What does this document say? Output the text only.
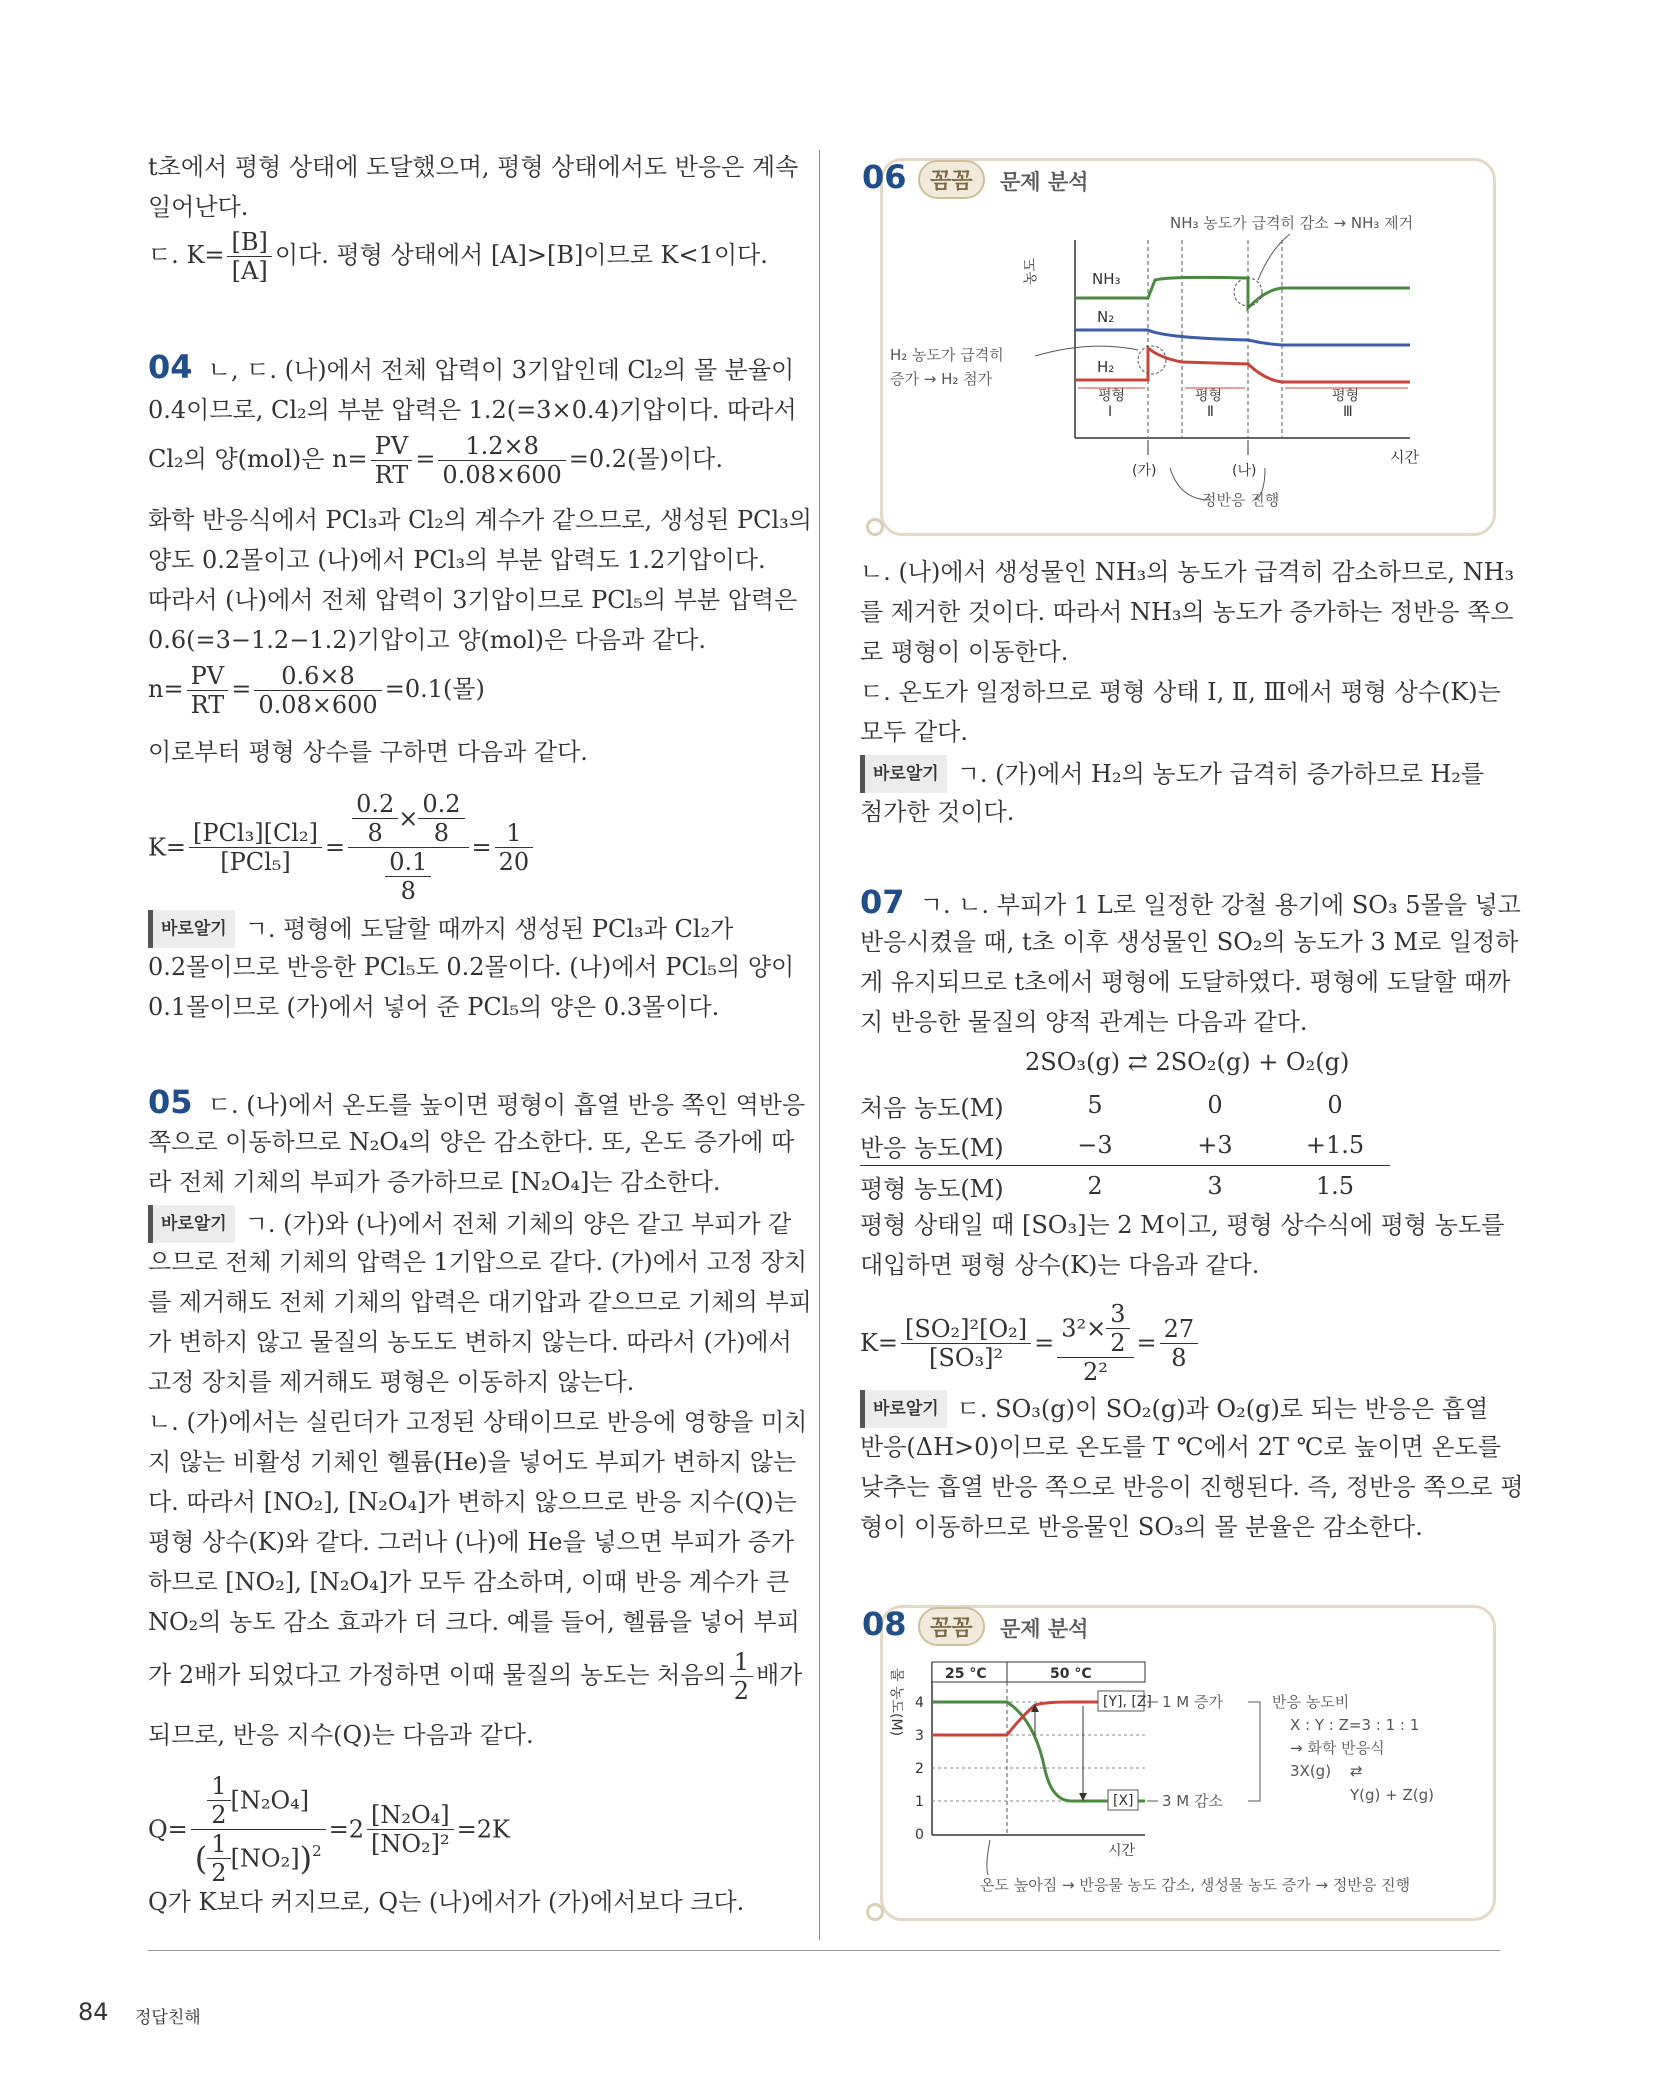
t초에서 평형 상태에 도달했으며, 평형 상태에서도 반응은 계속
일어난다.
ㄷ. $K= \frac{[B]}{[A]}$ 이다. 평형 상태에서 [A]>[B]이므로 K<1이다.
04 ㄴ, ㄷ. (나)에서 전체 압력이 3기압인데 Cl₂의 몰 분율이
0.4이므로, Cl₂의 부분 압력은 1.2(=3×0.4)기압이다. 따라서
Cl₂의 양(mol)은 $n= \frac{PV}{RT} = \frac{1.2\times 8}{0.08\times 600} =0.2$(몰)이다.
화학 반응식에서 PCl₃과 Cl₂의 계수가 같으므로, 생성된 PCl₃의
양도 0.2몰이고 (나)에서 PCl₃의 부분 압력도 1.2기압이다.
따라서 (나)에서 전체 압력이 3기압이므로 PCl₅의 부분 압력은
0.6(=3−1.2−1.2)기압이고 양(mol)은 다음과 같다.
$n= \frac{PV}{RT} = \frac{0.6\times 8}{0.08\times 600} =0.1$(몰)
이로부터 평형 상수를 구하면 다음과 같다.
$K= \frac{\text{[PCl₃][Cl₂]}}{\text{[PCl₅]}} = \frac{\frac{0.2}{8} \times \frac{0.2}{8}}{\frac{0.1}{8}} = \frac{1}{20}$
바로알기 ㄱ. 평형에 도달할 때까지 생성된 PCl₃과 Cl₂가
0.2몰이므로 반응한 PCl₅도 0.2몰이다. (나)에서 PCl₅의 양이
0.1몰이므로 (가)에서 넣어 준 PCl₅의 양은 0.3몰이다.
05 ㄷ. (나)에서 온도를 높이면 평형이 흡열 반응 쪽인 역반응
쪽으로 이동하므로 N₂O₄의 양은 감소한다. 또, 온도 증가에 따
라 전체 기체의 부피가 증가하므로 [N₂O₄]는 감소한다.
바로알기 ㄱ. (가)와 (나)에서 전체 기체의 양은 같고 부피가 같
으므로 전체 기체의 압력은 1기압으로 같다. (가)에서 고정 장치
를 제거해도 전체 기체의 압력은 대기압과 같으므로 기체의 부피
가 변하지 않고 물질의 농도도 변하지 않는다. 따라서 (가)에서
고정 장치를 제거해도 평형은 이동하지 않는다.
ㄴ. (가)에서는 실린더가 고정된 상태이므로 반응에 영향을 미치
지 않는 비활성 기체인 헬륨(He)을 넣어도 부피가 변하지 않는
다. 따라서 [NO₂], [N₂O₄]가 변하지 않으므로 반응 지수(Q)는
평형 상수(K)와 같다. 그러나 (나)에 He을 넣으면 부피가 증가
하므로 [NO₂], [N₂O₄]가 모두 감소하며, 이때 반응 계수가 큰
NO₂의 농도 감소 효과가 더 크다. 예를 들어, 헬륨을 넣어 부피
가 2배가 되었다고 가정하면 이때 물질의 농도는 처음의 $\frac{1}{2}$ 배가
되므로, 반응 지수(Q)는 다음과 같다.
$Q= \frac{\frac{1}{2} [N_2O_4]}{( \frac{1}{2} [NO_2])^2} =2 \frac{\text{[N₂O₄]}}{\text{[NO₂]²}} =2K$
Q가 K보다 커지므로, Q는 (나)에서가 (가)에서보다 크다.
06	꼼꼼	문제 분석
농도	NH₃
N₂
H₂
시간
평형
Ⅰ
평형
Ⅱ
평형
Ⅲ
(가)	(나)
정반응 진행
NH₃ 농도가 급격히 감소 → NH₃ 제거
H₂ 농도가 급격히
증가 → H₂ 첨가
ㄴ. (나)에서 생성물인 NH₃의 농도가 급격히 감소하므로, NH₃
를 제거한 것이다. 따라서 NH₃의 농도가 증가하는 정반응 쪽으
로 평형이 이동한다.
ㄷ. 온도가 일정하므로 평형 상태 Ⅰ, Ⅱ, Ⅲ에서 평형 상수(K)는
모두 같다.
바로알기 ㄱ. (가)에서 H₂의 농도가 급격히 증가하므로 H₂를
첨가한 것이다.
07 ㄱ. ㄴ. 부피가 1 L로 일정한 강철 용기에 SO₃ 5몰을 넣고
반응시켰을 때, t초 이후 생성물인 SO₂의 농도가 3 M로 일정하
게 유지되므로 t초에서 평형에 도달하였다. 평형에 도달할 때까
지 반응한 물질의 양적 관계는 다음과 같다.
2SO₃(g) ⇄ 2SO₂(g) + O₂(g)
처음 농도(M)	5	0	0
반응 농도(M)	−3	+3	+1.5
평형 농도(M)	2	3	1.5
평형 상태일 때 [SO₃]는 2 M이고, 평형 상수식에 평형 농도를
대입하면 평형 상수(K)는 다음과 같다.
$K= \frac{\text{[SO₂]²[O₂]}}{\text{[SO₃]²}} = \frac{3^2\times \frac{3}{2}}{\text{2²}} = \frac{27}{8}$
바로알기 ㄷ. SO₃(g)이 SO₂(g)과 O₂(g)로 되는 반응은 흡열
반응(ΔH>0)이므로 온도를 T ℃에서 2T ℃로 높이면 온도를
낮추는 흡열 반응 쪽으로 반응이 진행된다. 즉, 정반응 쪽으로 평
형이 이동하므로 반응물인 SO₃의 몰 분율은 감소한다.
08	꼼꼼	문제 분석
몰 농도(M)	25 °C	50 °C
4
3
2
1
0
[Y], [Z]
[X]
시간
1 M 증가
3 M 감소
반응 농도비
X : Y : Z=3 : 1 : 1
→ 화학 반응식
3X(g) ⇄
Y(g) + Z(g)
온도 높아짐 → 반응물 농도 감소, 생성물 농도 증가 → 정반응 진행
84 정답친해
